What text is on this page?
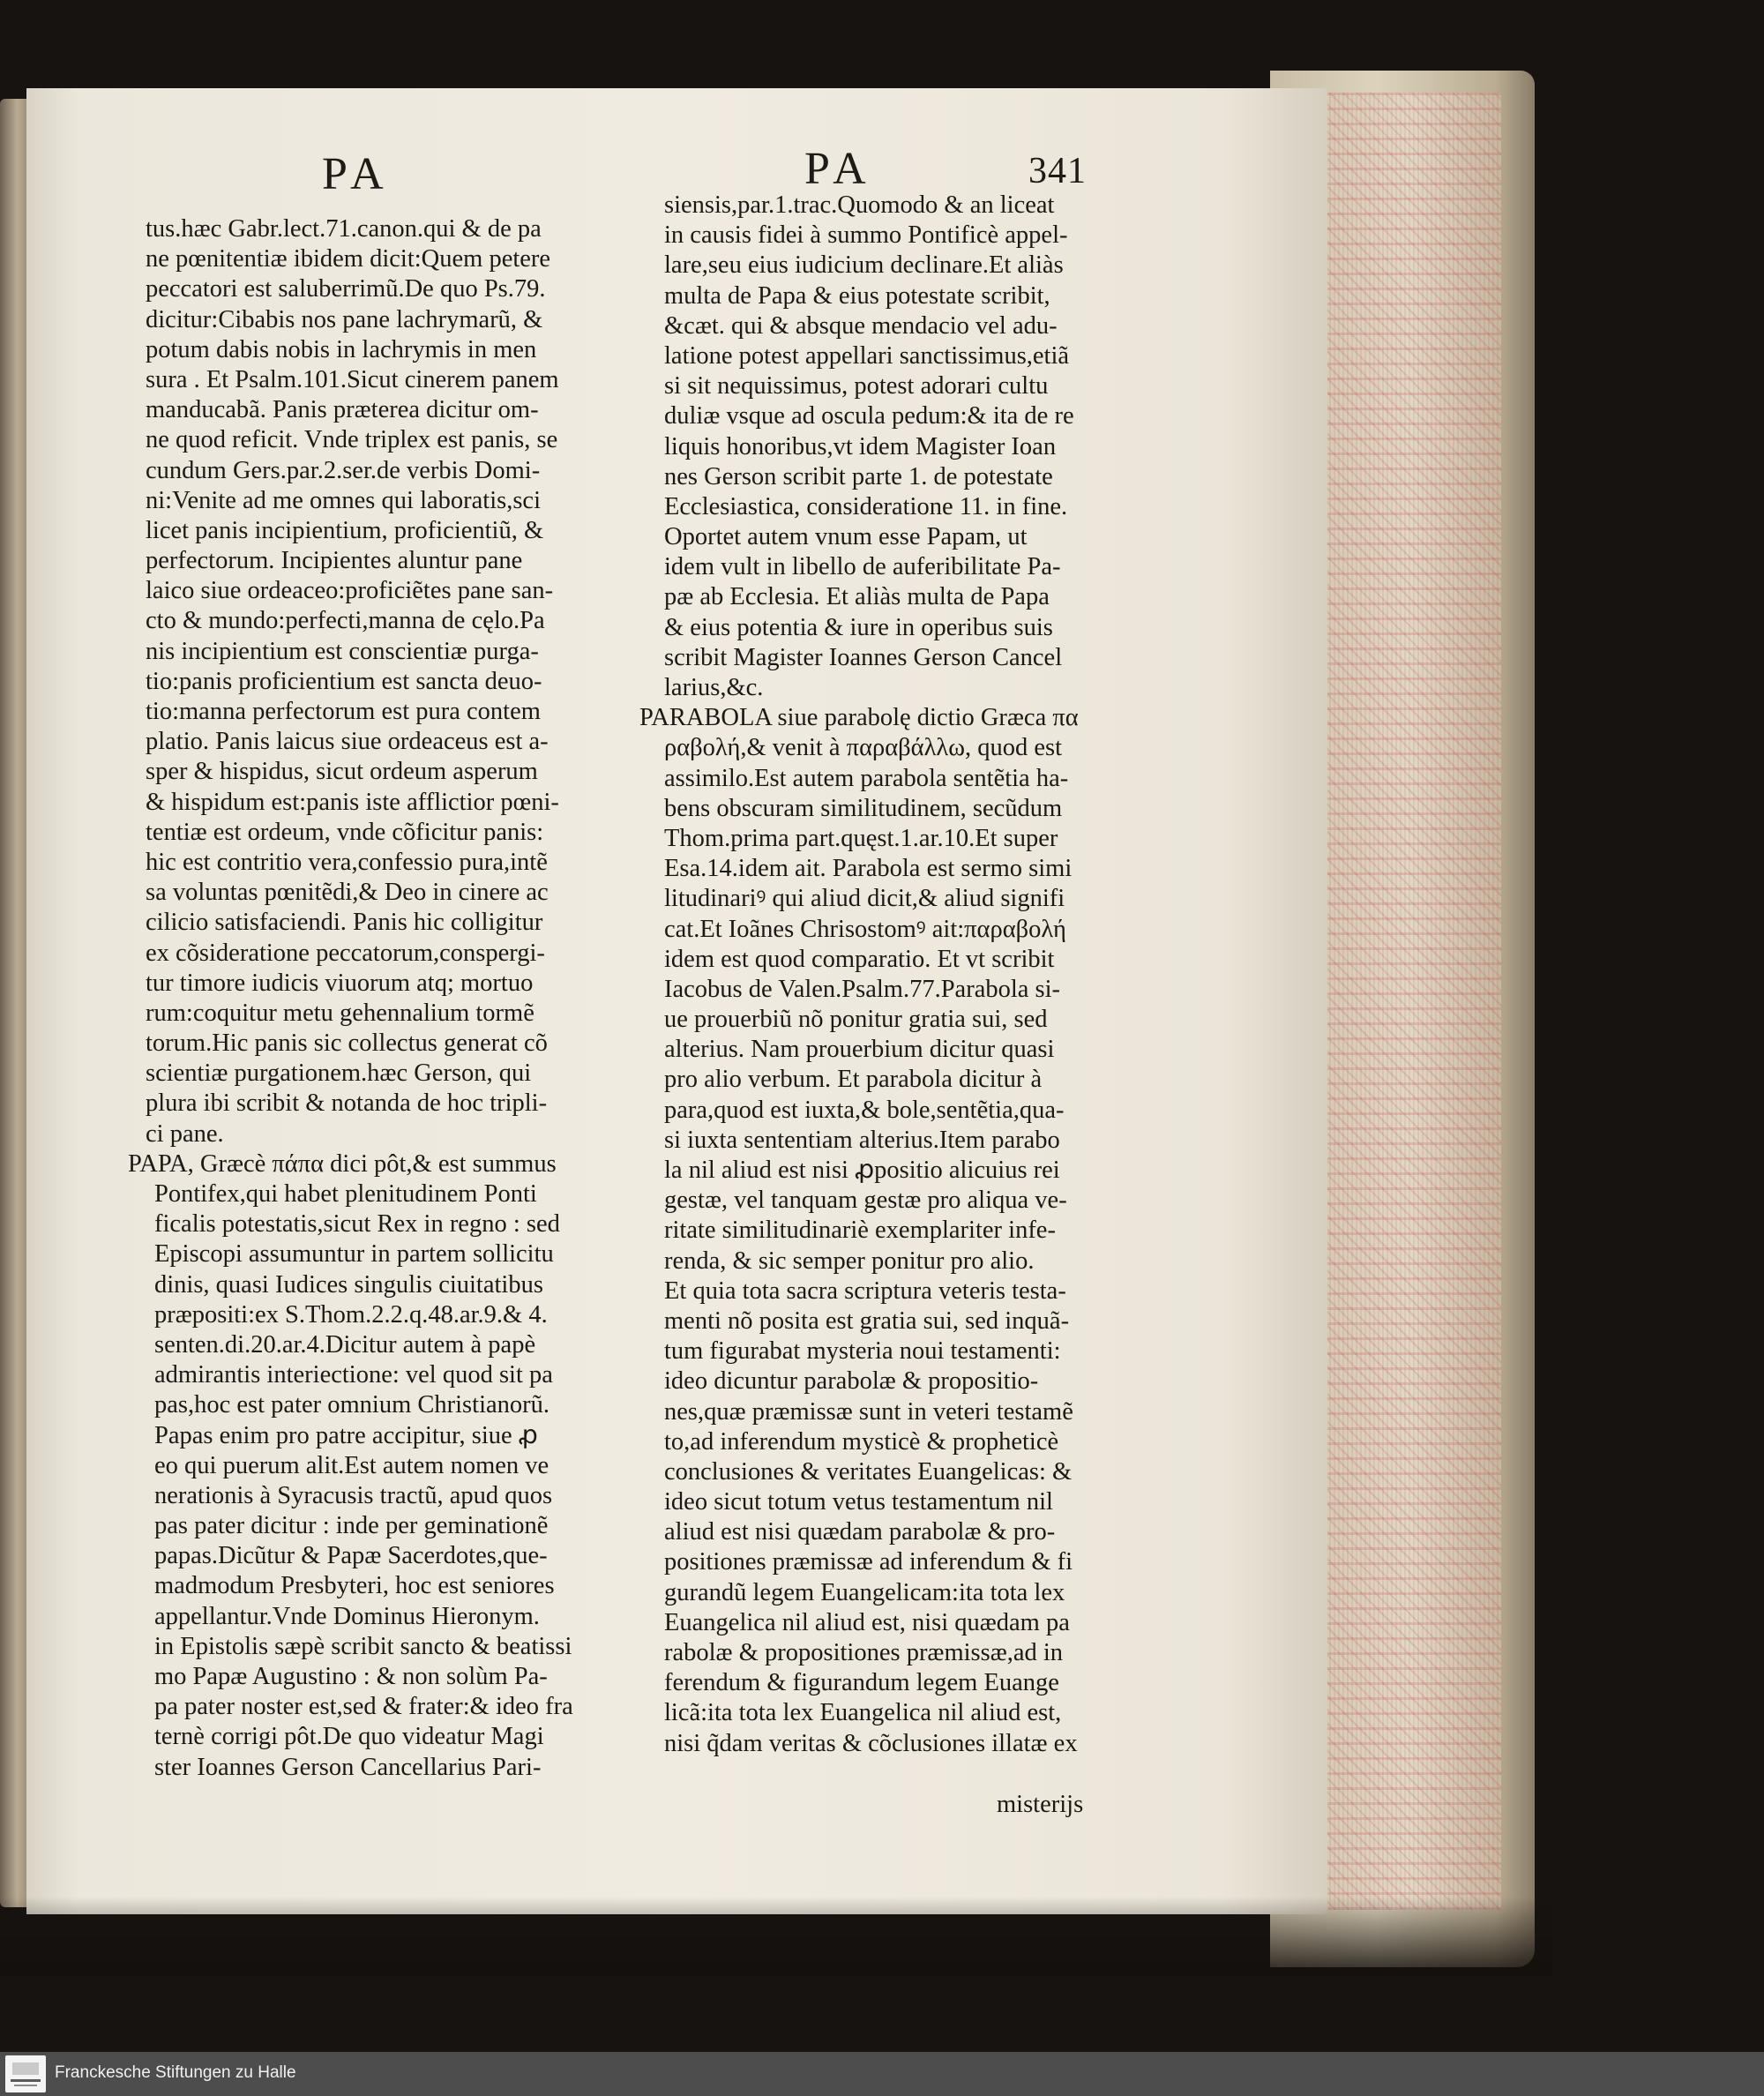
PA	PA	341
tus.hæc Gabr.lect.71.canon.qui & de pa
ne pœnitentiæ ibidem dicit:Quem petere
peccatori est saluberrimũ.De quo Ps.79.
dicitur:Cibabis nos pane lachrymarũ, &
potum dabis nobis in lachrymis in men
sura . Et Psalm.101.Sicut cinerem panem
manducabã. Panis præterea dicitur om-
ne quod reficit. Vnde triplex est panis, se
cundum Gers.par.2.ser.de verbis Domi-
ni:Venite ad me omnes qui laboratis,sci
licet panis incipientium, proficientiũ, &
perfectorum. Incipientes aluntur pane
laico siue ordeaceo:proficiẽtes pane san-
cto & mundo:perfecti,manna de cęlo.Pa
nis incipientium est conscientiæ purga-
tio:panis proficientium est sancta deuo-
tio:manna perfectorum est pura contem
platio. Panis laicus siue ordeaceus est a-
sper & hispidus, sicut ordeum asperum
& hispidum est:panis iste afflictior pœni-
tentiæ est ordeum, vnde cõficitur panis:
hic est contritio vera,confessio pura,intẽ
sa voluntas pœnitẽdi,& Deo in cinere ac
cilicio satisfaciendi. Panis hic colligitur
ex cõsideratione peccatorum,conspergi-
tur timore iudicis viuorum atq; mortuo
rum:coquitur metu gehennalium tormẽ
torum.Hic panis sic collectus generat cõ
scientiæ purgationem.hæc Gerson, qui
plura ibi scribit & notanda de hoc tripli-
ci pane.
PAPA, Græcè πάπα dici pôt,& est summus
Pontifex,qui habet plenitudinem Ponti
ficalis potestatis,sicut Rex in regno : sed
Episcopi assumuntur in partem sollicitu
dinis, quasi Iudices singulis ciuitatibus
præpositi:ex S.Thom.2.2.q.48.ar.9.& 4.
senten.di.20.ar.4.Dicitur autem à papè
admirantis interiectione: vel quod sit pa
pas,hoc est pater omnium Christianorũ.
Papas enim pro patre accipitur, siue ꝓ
eo qui puerum alit.Est autem nomen ve
nerationis à Syracusis tractũ, apud quos
pas pater dicitur : inde per geminationẽ
papas.Dicũtur & Papæ Sacerdotes,que-
madmodum Presbyteri, hoc est seniores
appellantur.Vnde Dominus Hieronym.
in Epistolis sæpè scribit sancto & beatissi
mo Papæ Augustino : & non solùm Pa-
pa pater noster est,sed & frater:& ideo fra
ternè corrigi pôt.De quo videatur Magi
ster Ioannes Gerson Cancellarius Pari-
siensis,par.1.trac.Quomodo & an liceat
in causis fidei à summo Pontificè appel-
lare,seu eius iudicium declinare.Et aliàs
multa de Papa & eius potestate scribit,
&cæt. qui & absque mendacio vel adu-
latione potest appellari sanctissimus,etiã
si sit nequissimus, potest adorari cultu
duliæ vsque ad oscula pedum:& ita de re
liquis honoribus,vt idem Magister Ioan
nes Gerson scribit parte 1. de potestate
Ecclesiastica, consideratione 11. in fine.
Oportet autem vnum esse Papam, ut
idem vult in libello de auferibilitate Pa-
pæ ab Ecclesia. Et aliàs multa de Papa
& eius potentia & iure in operibus suis
scribit Magister Ioannes Gerson Cancel
larius,&c.
PARABOLA siue parabolę dictio Græca πα
ραβολή,& venit à παραβάλλω, quod est
assimilo.Est autem parabola sentẽtia ha-
bens obscuram similitudinem, secũdum
Thom.prima part.quęst.1.ar.10.Et super
Esa.14.idem ait. Parabola est sermo simi
litudinariꝰ qui aliud dicit,& aliud signifi
cat.Et Ioãnes Chrisostomꝰ ait:παραβολή
idem est quod comparatio. Et vt scribit
Iacobus de Valen.Psalm.77.Parabola si-
ue prouerbiũ nõ ponitur gratia sui, sed
alterius. Nam prouerbium dicitur quasi
pro alio verbum. Et parabola dicitur à
para,quod est iuxta,& bole,sentẽtia,qua-
si iuxta sententiam alterius.Item parabo
la nil aliud est nisi ꝓpositio alicuius rei
gestæ, vel tanquam gestæ pro aliqua ve-
ritate similitudinariè exemplariter infe-
renda, & sic semper ponitur pro alio.
Et quia tota sacra scriptura veteris testa-
menti nõ posita est gratia sui, sed inquã-
tum figurabat mysteria noui testamenti:
ideo dicuntur parabolæ & propositio-
nes,quæ præmissæ sunt in veteri testamẽ
to,ad inferendum mysticè & propheticè
conclusiones & veritates Euangelicas: &
ideo sicut totum vetus testamentum nil
aliud est nisi quædam parabolæ & pro-
positiones præmissæ ad inferendum & fi
gurandũ legem Euangelicam:ita tota lex
Euangelica nil aliud est, nisi quædam pa
rabolæ & propositiones præmissæ,ad in
ferendum & figurandum legem Euange
licã:ita tota lex Euangelica nil aliud est,
nisi q̃dam veritas & cõclusiones illatæ ex
misterijs
Franckesche Stiftungen zu Halle
